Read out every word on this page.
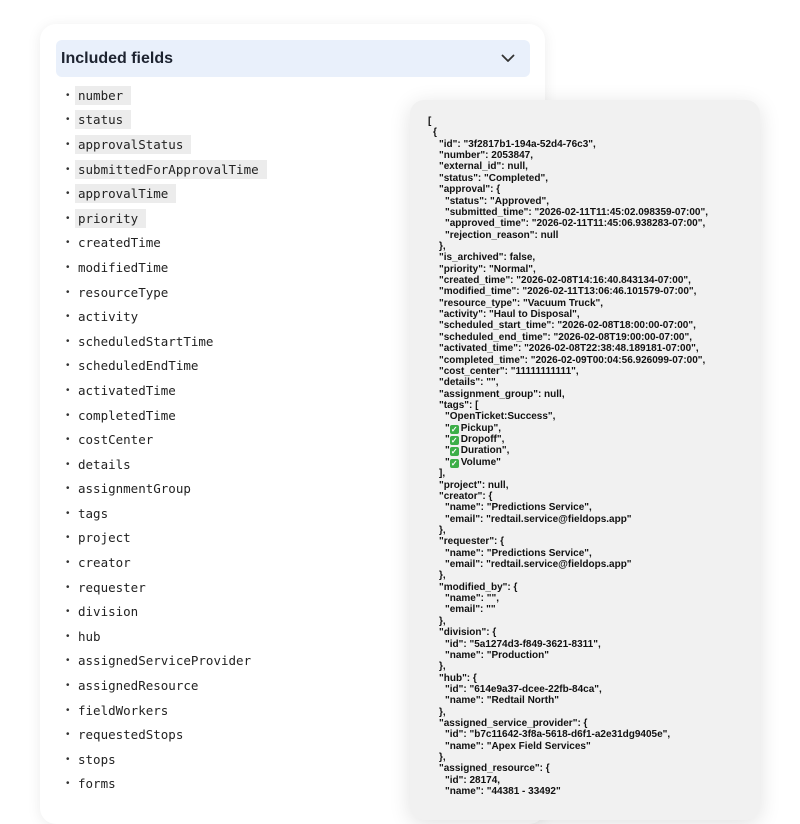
Included fields
• number
• status
• approvalStatus
• submittedForApprovalTime
• approvalTime
• priority
• createdTime
• modifiedTime
• resourceType
• activity
• scheduledStartTime
• scheduledEndTime
• activatedTime
• completedTime
• costCenter
• details
• assignmentGroup
• tags
• project
• creator
• requester
• division
• hub
• assignedServiceProvider
• assignedResource
• fieldWorkers
• requestedStops
• stops
• forms
[
{
"id": "3f2817b1-194a-52d4-76c3",
"number": 2053847,
"external_id": null,
"status": "Completed",
"approval": {
"status": "Approved",
"submitted_time": "2026-02-11T11:45:02.098359-07:00",
"approved_time": "2026-02-11T11:45:06.938283-07:00",
"rejection_reason": null
},
"is_archived": false,
"priority": "Normal",
"created_time": "2026-02-08T14:16:40.843134-07:00",
"modified_time": "2026-02-11T13:06:46.101579-07:00",
"resource_type": "Vacuum Truck",
"activity": "Haul to Disposal",
"scheduled_start_time": "2026-02-08T18:00:00-07:00",
"scheduled_end_time": "2026-02-08T19:00:00-07:00",
"activated_time": "2026-02-08T22:38:48.189181-07:00",
"completed_time": "2026-02-09T00:04:56.926099-07:00",
"cost_center": "11111111111",
"details": "",
"assignment_group": null,
"tags": [
"OpenTicket:Success",
"✓ Pickup",
"✓ Dropoff",
"✓ Duration",
"✓ Volume"
],
"project": null,
"creator": {
"name": "Predictions Service",
"email": "redtail.service@fieldops.app"
},
"requester": {
"name": "Predictions Service",
"email": "redtail.service@fieldops.app"
},
"modified_by": {
"name": "",
"email": ""
},
"division": {
"id": "5a1274d3-f849-3621-8311",
"name": "Production"
},
"hub": {
"id": "614e9a37-dcee-22fb-84ca",
"name": "Redtail North"
},
"assigned_service_provider": {
"id": "b7c11642-3f8a-5618-d6f1-a2e31dg9405e",
"name": "Apex Field Services"
},
"assigned_resource": {
"id": 28174,
"name": "44381 - 33492"
